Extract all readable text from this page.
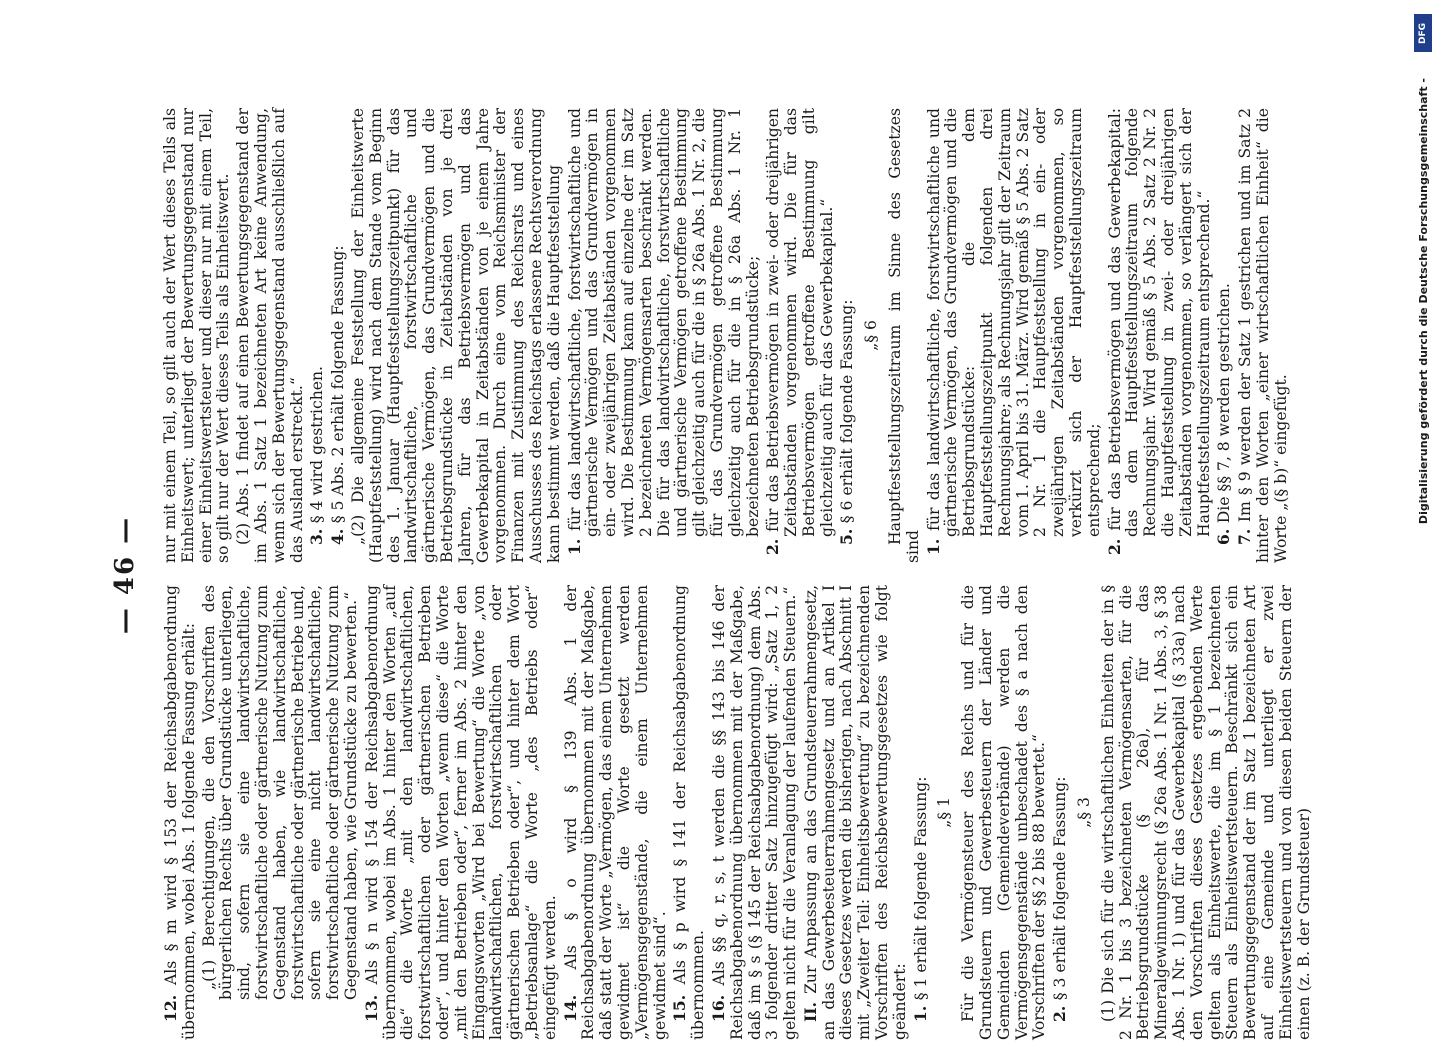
— 46 —

12. Als § m wird § 153 der Reichsabgabenordnung übernommen, wobei Abs. 1 folgende Fassung erhält: „(1) Berechtigungen, die den Vorschriften des bürgerlichen Rechts über Grundstücke unterliegen, sind, sofern sie eine landwirtschaftliche, forstwirtschaftliche oder gärtnerische Nutzung zum Gegenstand haben, wie landwirtschaftliche, forstwirtschaftliche oder gärtnerische Betriebe und, sofern sie eine nicht landwirtschaftliche, forstwirtschaftliche oder gärtnerische Nutzung zum Gegenstand haben, wie Grundstücke zu bewerten.“

13. Als § n wird § 154 der Reichsabgabenordnung übernommen, wobei im Abs. 1 hinter den Worten „auf die“ die Worte „mit den landwirtschaftlichen, forstwirtschaftlichen oder gärtnerischen Betrieben oder“, und hinter den Worten „wenn diese“ die Worte „mit den Betrieben oder“, ferner im Abs. 2 hinter den Eingangsworten „Wird bei Bewertung“ die Worte „von landwirtschaftlichen, forstwirtschaftlichen oder gärtnerischen Betrieben oder“, und hinter dem Wort „Betriebsanlage“ die Worte „des Betriebs oder“ eingefügt werden. 14. Als § o wird § 139 Abs. 1 der Reichsabgabenordnung übernommen mit der Maßgabe, daß statt der Worte „Vermögen, das einem Unternehmen gewidmet ist“ die Worte gesetzt werden „Vermögensgegenstände, die einem Unternehmen gewidmet sind“. 15. Als § p wird § 141 der Reichsabgabenordnung übernommen. 16. Als §§ q, r, s, t werden die §§ 143 bis 146 der Reichsabgabenordnung übernommen mit der Maßgabe, daß im § s (§ 145 der Reichsabgabenordnung) dem Abs. 3 folgender dritter Satz hinzugefügt wird: „Satz 1, 2 gelten nicht für die Veranlagung der laufenden Steuern.“ II. Zur Anpassung an das Grundsteuerrahmengesetz, an das Gewerbesteuerrahmengesetz und an Artikel I dieses Gesetzes werden die bisherigen, nach Abschnitt I mit „Zweiter Teil: Einheitsbewertung“ zu bezeichnenden Vorschriften des Reichsbewertungsgesetzes wie folgt geändert: 1. § 1 erhält folgende Fassung: „§ 1 Für die Vermögensteuer des Reichs und für die Grundsteuern und Gewerbesteuern der Länder und Gemeinden (Gemeindeverbände) werden die Vermögensgegenstände unbeschadet des § a nach den Vorschriften der §§ 2 bis 88 bewertet.“ 2. § 3 erhält folgende Fassung: „§ 3 (1) Die sich für die wirtschaftlichen Einheiten der in § 2 Nr. 1 bis 3 bezeichneten Vermögensarten, für die Betriebsgrundstücke (§ 26a), für das Mineralgewinnungsrecht (§ 26a Abs. 1 Nr. 1 Abs. 3, § 38 Abs. 1 Nr. 1) und für das Gewerbekapital (§ 33a) nach den Vorschriften dieses Gesetzes ergebenden Werte gelten als Einheitswerte, die im § 1 bezeichneten Steuern als Einheitswertsteuern. Beschränkt sich ein Bewertungsgegenstand der im Satz 1 bezeichneten Art auf eine Gemeinde und unterliegt er zwei Einheitswertsteuern und von diesen beiden Steuern der einen (z. B. der Grundsteuer)

nur mit einem Teil, so gilt auch der Wert dieses Teils als Einheitswert; unterliegt der Bewertungsgegenstand nur einer Einheitswertsteuer und dieser nur mit einem Teil, so gilt nur der Wert dieses Teils als Einheitswert. (2) Abs. 1 findet auf einen Bewertungsgegenstand der im Abs. 1 Satz 1 bezeichneten Art keine Anwendung, wenn sich der Bewertungsgegenstand ausschließlich auf das Ausland erstreckt.“ 3. § 4 wird gestrichen.

4. § 5 Abs. 2 erhält folgende Fassung: „(2) Die allgemeine Feststellung der Einheitswerte (Hauptfeststellung) wird nach dem Stande vom Beginn des 1. Januar (Hauptfeststellungszeitpunkt) für das landwirtschaftliche, forstwirtschaftliche und gärtnerische Vermögen, das Grundvermögen und die Betriebsgrundstücke in Zeitabständen von je drei Jahren, für das Betriebsvermögen und das Gewerbekapital in Zeitabständen von je einem Jahre vorgenommen. Durch eine vom Reichsminister der Finanzen mit Zustimmung des Reichsrats und eines Ausschusses des Reichstags erlassene Rechtsverordnung kann bestimmt werden, daß die Hauptfeststellung 1. für das landwirtschaftliche, forstwirtschaftliche und gärtnerische Vermögen und das Grundvermögen in ein- oder zweijährigen Zeitabständen vorgenommen wird. Die Bestimmung kann auf einzelne der im Satz 2 bezeichneten Vermögensarten beschränkt werden. Die für das landwirtschaftliche, forstwirtschaftliche und gärtnerische Vermögen getroffene Bestimmung gilt gleichzeitig auch für die in § 26a Abs. 1 Nr. 2, die für das Grundvermögen getroffene Bestimmung gleichzeitig auch für die in § 26a Abs. 1 Nr. 1 bezeichneten Betriebsgrundstücke;

2. für das Betriebsvermögen in zwei- oder dreijährigen Zeitabständen vorgenommen wird. Die für das Betriebsvermögen getroffene Bestimmung gilt gleichzeitig auch für das Gewerbekapital.“ 5. § 6 erhält folgende Fassung: „§ 6 Hauptfeststellungszeitraum im Sinne des Gesetzes sind 1. für das landwirtschaftliche, forstwirtschaftliche und gärtnerische Vermögen, das Grundvermögen und die Betriebsgrundstücke: die dem Hauptfeststellungszeitpunkt folgenden drei Rechnungsjahre; als Rechnungsjahr gilt der Zeitraum vom 1. April bis 31. März. Wird gemäß § 5 Abs. 2 Satz 2 Nr. 1 die Hauptfeststellung in ein- oder zweijährigen Zeitabständen vorgenommen, so verkürzt sich der Hauptfeststellungszeitraum entsprechend;

2. für das Betriebsvermögen und das Gewerbekapital: das dem Hauptfeststellungszeitraum folgende Rechnungsjahr. Wird gemäß § 5 Abs. 2 Satz 2 Nr. 2 die Hauptfeststellung in zwei- oder dreijährigen Zeitabständen vorgenommen, so verlängert sich der Hauptfeststellungszeitraum entsprechend.“ 6. Die §§ 7, 8 werden gestrichen.

7. Im § 9 werden der Satz 1 gestrichen und im Satz 2 hinter den Worten „einer wirtschaftlichen Einheit“ die Worte „(§ b)“ eingefügt.	Digitalisierung gefördert durch die Deutsche Forschungsgemeinschaft -
DFG
